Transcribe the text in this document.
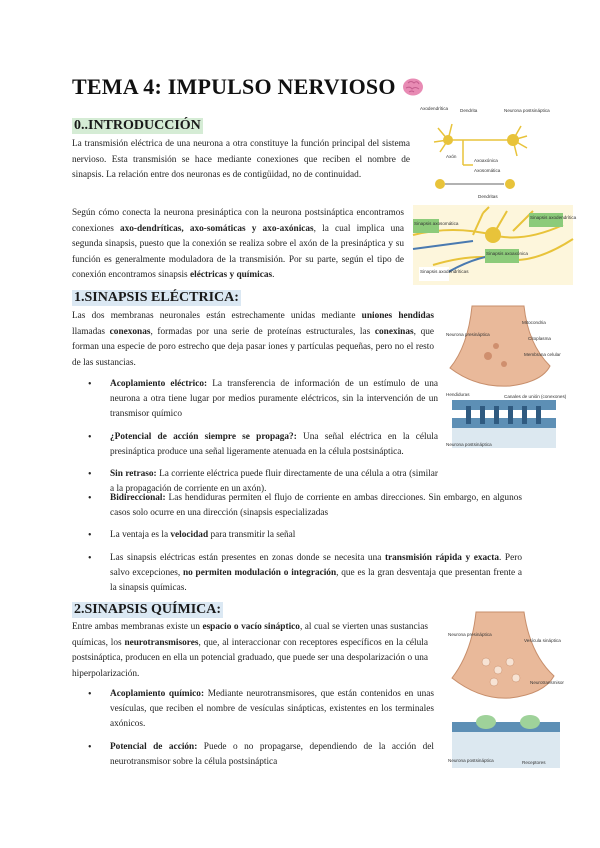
TEMA 4: IMPULSO NERVIOSO
0..INTRODUCCIÓN
La transmisión eléctrica de una neurona a otra constituye la función principal del sistema nervioso. Esta transmisión se hace mediante conexiones que reciben el nombre de sinapsis. La relación entre dos neuronas es de contigüidad, no de continuidad.
Según cómo conecta la neurona presináptica con la neurona postsináptica encontramos conexiones axo-dendríticas, axo-somáticas y axo-axónicas, la cual implica una segunda sinapsis, puesto que la conexión se realiza sobre el axón de la presináptica y su función es generalmente moduladora de la transmisión. Por su parte, según el tipo de conexión encontramos sinapsis eléctricas y químicas.
Axodendrítica	Dendrita	Neurona postsináptica
Axón
Axoaxónica
Axosomática
Dendritas
Sinapsis axosomática
Sinapsis axodendrítica
Sinapsis axoaxónica
Sinapsis axodendríticas
1.SINAPSIS ELÉCTRICA:
Las dos membranas neuronales están estrechamente unidas mediante uniones hendidas llamadas conexonas, formadas por una serie de proteínas estructurales, las conexinas, que forman una especie de poro estrecho que deja pasar iones y partículas pequeñas, pero no el resto de las sustancias.
Neurona presináptica
Mitocondria
Citoplasma
Membrana celular
Hendiduras	Canales de unión (conexones)
Neurona postsináptica
• Acoplamiento eléctrico: La transferencia de información de un estímulo de una neurona a otra tiene lugar por medios puramente eléctricos, sin la intervención de un transmisor químico
• ¿Potencial de acción siempre se propaga?: Una señal eléctrica en la célula presináptica produce una señal ligeramente atenuada en la célula postsináptica.
• Sin retraso: La corriente eléctrica puede fluir directamente de una célula a otra (similar a la propagación de corriente en un axón).
• Bidireccional: Las hendiduras permiten el flujo de corriente en ambas direcciones. Sin embargo, en algunos casos solo ocurre en una dirección (sinapsis especializadas
• La ventaja es la velocidad para transmitir la señal
• Las sinapsis eléctricas están presentes en zonas donde se necesita una transmisión rápida y exacta. Pero salvo excepciones, no permiten modulación o integración, que es la gran desventaja que presentan frente a la sinapsis químicas.
2.SINAPSIS QUÍMICA:
Entre ambas membranas existe un espacio o vacío sináptico, al cual se vierten unas sustancias químicas, los neurotransmisores, que, al interaccionar con receptores específicos en la célula postsináptica, producen en ella un potencial graduado, que puede ser una despolarización o una hiperpolarización.
Neurona presináptica
Vesícula sináptica
Neurotransmisor
Neurona postsináptica	Receptores
• Acoplamiento químico: Mediante neurotransmisores, que están contenidos en unas vesículas, que reciben el nombre de vesículas sinápticas, existentes en los terminales axónicos.
• Potencial de acción: Puede o no propagarse, dependiendo de la acción del neurotransmisor sobre la célula postsináptica
